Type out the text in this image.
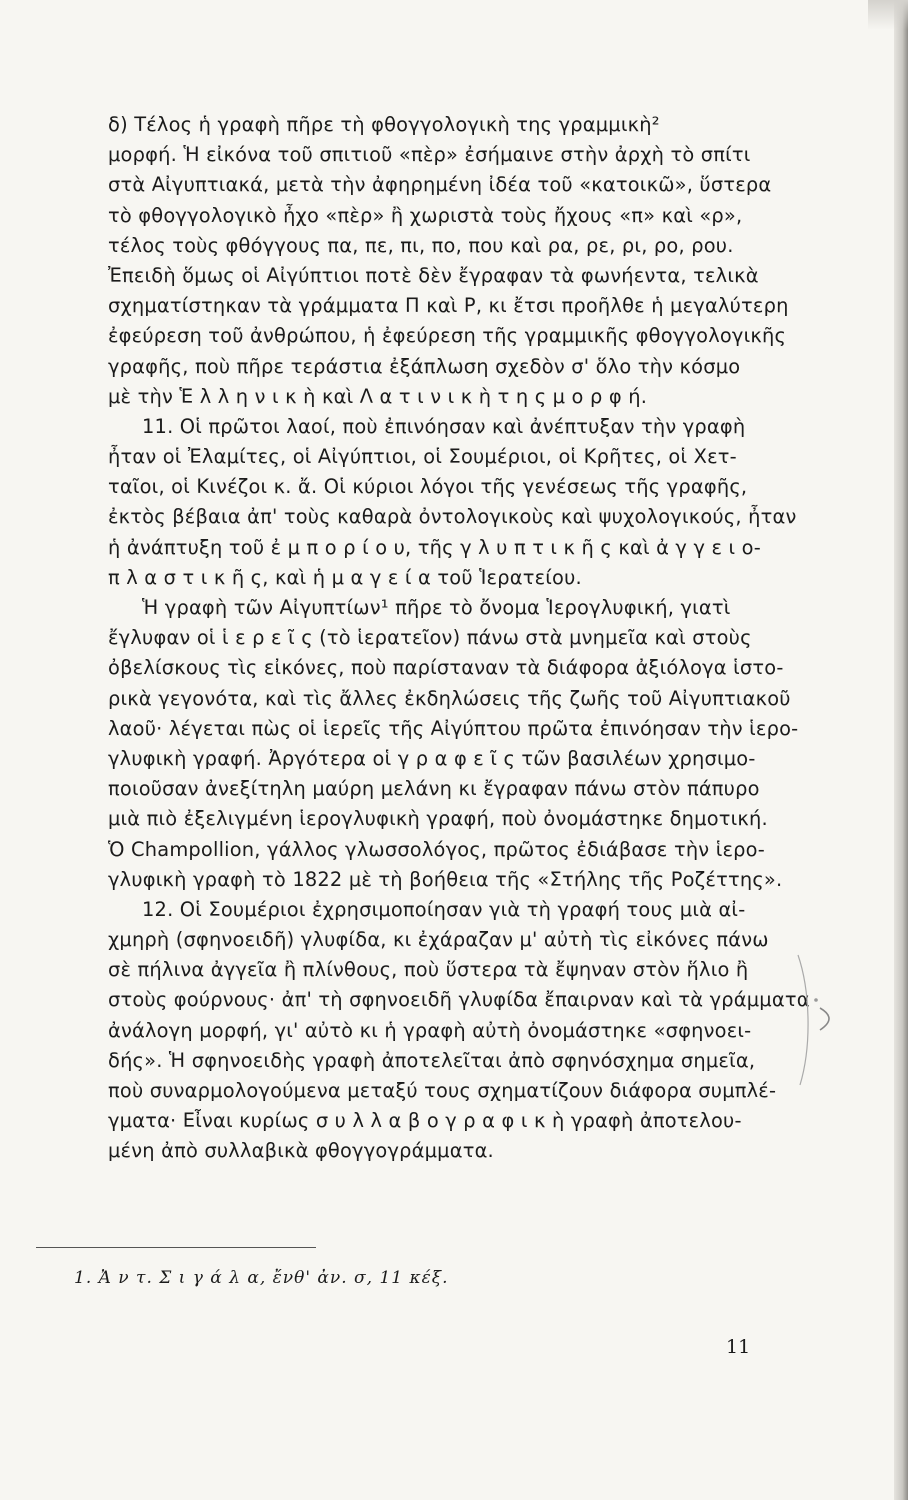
δ) Τέλος ἡ γραφὴ πῆρε τὴ φθογγολογικὴ της γραμμικὴ²
μορφή. Ἡ εἰκόνα τοῦ σπιτιοῦ «πὲρ» ἐσήμαινε στὴν ἀρχὴ τὸ σπίτι
στὰ Αἰγυπτιακά, μετὰ τὴν ἀφηρημένη ἰδέα τοῦ «κατοικῶ», ὕστερα
τὸ φθογγολογικὸ ἦχο «πὲρ» ἢ χωριστὰ τοὺς ἤχους «π» καὶ «ρ»,
τέλος τοὺς φθόγγους πα, πε, πι, πο, που καὶ ρα, ρε, ρι, ρο, ρου.
Ἐπειδὴ ὅμως οἱ Αἰγύπτιοι ποτὲ δὲν ἔγραφαν τὰ φωνήεντα, τελικὰ
σχηματίστηκαν τὰ γράμματα Π καὶ Ρ, κι ἔτσι προῆλθε ἡ μεγαλύτερη
ἐφεύρεση τοῦ ἀνθρώπου, ἡ ἐφεύρεση τῆς γραμμικῆς φθογγολογικῆς
γραφῆς, ποὺ πῆρε τεράστια ἐξάπλωση σχεδὸν σ' ὅλο τὴν κόσμο
μὲ τὴν Ἑ λ λ η ν ι κ ὴ καὶ Λ α τ ι ν ι κ ὴ τ η ς μ ο ρ φ ή.
11. Οἱ πρῶτοι λαοί, ποὺ ἐπινόησαν καὶ ἀνέπτυξαν τὴν γραφὴ
ἦταν οἱ Ἐλαμίτες, οἱ Αἰγύπτιοι, οἱ Σουμέριοι, οἱ Κρῆτες, οἱ Χετ-
ταῖοι, οἱ Κινέζοι κ. ἄ. Οἱ κύριοι λόγοι τῆς γενέσεως τῆς γραφῆς,
ἐκτὸς βέβαια ἀπ' τοὺς καθαρὰ ὀντολογικοὺς καὶ ψυχολογικούς, ἦταν
ἡ ἀνάπτυξη τοῦ ἐ μ π ο ρ ί ο υ, τῆς γ λ υ π τ ι κ ῆ ς καὶ ἀ γ γ ε ι ο-
π λ α σ τ ι κ ῆ ς, καὶ ἡ μ α γ ε ί α τοῦ Ἱερατείου.
Ἡ γραφὴ τῶν Αἰγυπτίων¹ πῆρε τὸ ὄνομα Ἱερογλυφική, γιατὶ
ἔγλυφαν οἱ ἱ ε ρ ε ῖ ς (τὸ ἱερατεῖον) πάνω στὰ μνημεῖα καὶ στοὺς
ὀβελίσκους τὶς εἰκόνες, ποὺ παρίσταναν τὰ διάφορα ἀξιόλογα ἱστο-
ρικὰ γεγονότα, καὶ τὶς ἄλλες ἐκδηλώσεις τῆς ζωῆς τοῦ Αἰγυπτιακοῦ
λαοῦ· λέγεται πὼς οἱ ἱερεῖς τῆς Αἰγύπτου πρῶτα ἐπινόησαν τὴν ἱερο-
γλυφικὴ γραφή. Ἀργότερα οἱ γ ρ α φ ε ῖ ς τῶν βασιλέων χρησιμο-
ποιοῦσαν ἀνεξίτηλη μαύρη μελάνη κι ἔγραφαν πάνω στὸν πάπυρο
μιὰ πιὸ ἐξελιγμένη ἱερογλυφικὴ γραφή, ποὺ ὀνομάστηκε δημοτική.
Ὁ Champollion, γάλλος γλωσσολόγος, πρῶτος ἐδιάβασε τὴν ἱερο-
γλυφικὴ γραφὴ τὸ 1822 μὲ τὴ βοήθεια τῆς «Στήλης τῆς Ροζέττης».
12. Οἱ Σουμέριοι ἐχρησιμοποίησαν γιὰ τὴ γραφή τους μιὰ αἰ-
χμηρὴ (σφηνοειδῆ) γλυφίδα, κι ἐχάραζαν μ' αὐτὴ τὶς εἰκόνες πάνω
σὲ πήλινα ἀγγεῖα ἢ πλίνθους, ποὺ ὕστερα τὰ ἔψηναν στὸν ἥλιο ἢ
στοὺς φούρνους· ἀπ' τὴ σφηνοειδῆ γλυφίδα ἔπαιρναν καὶ τὰ γράμματα
ἀνάλογη μορφή, γι' αὐτὸ κι ἡ γραφὴ αὐτὴ ὀνομάστηκε «σφηνοει-
δής». Ἡ σφηνοειδὴς γραφὴ ἀποτελεῖται ἀπὸ σφηνόσχημα σημεῖα,
ποὺ συναρμολογούμενα μεταξύ τους σχηματίζουν διάφορα συμπλέ-
γματα· Εἶναι κυρίως σ υ λ λ α β ο γ ρ α φ ι κ ὴ γραφὴ ἀποτελου-
μένη ἀπὸ συλλαβικὰ φθογγογράμματα.
1. Ἀ ν τ. Σ ι γ ά λ α, ἔνθ' ἀν. σ, 11 κέξ.
11
